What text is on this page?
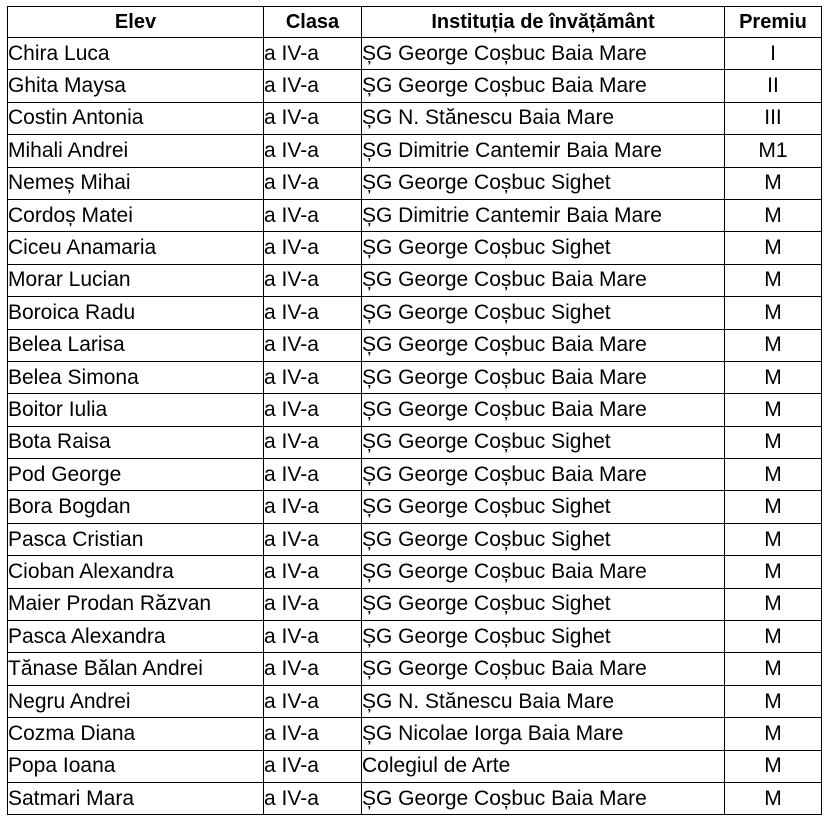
Elev	Clasa	Instituția de învățământ	Premiu
Chira Luca	a IV-a	ȘG George Coșbuc Baia Mare	I
Ghita Maysa	a IV-a	ȘG George Coșbuc Baia Mare	II
Costin Antonia	a IV-a	ȘG N. Stănescu Baia Mare	III
Mihali Andrei	a IV-a	ȘG Dimitrie Cantemir Baia Mare	M1
Nemeș Mihai	a IV-a	ȘG George Coșbuc Sighet	M
Cordoș Matei	a IV-a	ȘG Dimitrie Cantemir Baia Mare	M
Ciceu Anamaria	a IV-a	ȘG George Coșbuc Sighet	M
Morar Lucian	a IV-a	ȘG George Coșbuc Baia Mare	M
Boroica Radu	a IV-a	ȘG George Coșbuc Sighet	M
Belea Larisa	a IV-a	ȘG George Coșbuc Baia Mare	M
Belea Simona	a IV-a	ȘG George Coșbuc Baia Mare	M
Boitor Iulia	a IV-a	ȘG George Coșbuc Baia Mare	M
Bota Raisa	a IV-a	ȘG George Coșbuc Sighet	M
Pod George	a IV-a	ȘG George Coșbuc Baia Mare	M
Bora Bogdan	a IV-a	ȘG George Coșbuc Sighet	M
Pasca Cristian	a IV-a	ȘG George Coșbuc Sighet	M
Cioban Alexandra	a IV-a	ȘG George Coșbuc Baia Mare	M
Maier Prodan Răzvan	a IV-a	ȘG George Coșbuc Sighet	M
Pasca Alexandra	a IV-a	ȘG George Coșbuc Sighet	M
Tănase Bălan Andrei	a IV-a	ȘG George Coșbuc Baia Mare	M
Negru Andrei	a IV-a	ȘG N. Stănescu Baia Mare	M
Cozma Diana	a IV-a	ȘG Nicolae Iorga Baia Mare	M
Popa Ioana	a IV-a	Colegiul de Arte	M
Satmari Mara	a IV-a	ȘG George Coșbuc Baia Mare	M
